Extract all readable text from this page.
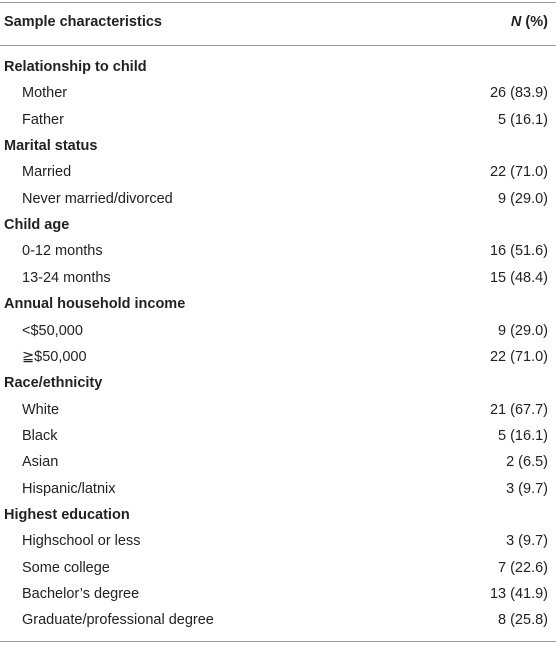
Sample characteristics	N (%)
Relationship to child
Mother	26 (83.9)
Father	5 (16.1)
Marital status
Married	22 (71.0)
Never married/divorced	9 (29.0)
Child age
0-12 months	16 (51.6)
13-24 months	15 (48.4)
Annual household income
<$50,000	9 (29.0)
≧$50,000	22 (71.0)
Race/ethnicity
White	21 (67.7)
Black	5 (16.1)
Asian	2 (6.5)
Hispanic/latnix	3 (9.7)
Highest education
Highschool or less	3 (9.7)
Some college	7 (22.6)
Bachelor’s degree	13 (41.9)
Graduate/professional degree	8 (25.8)
